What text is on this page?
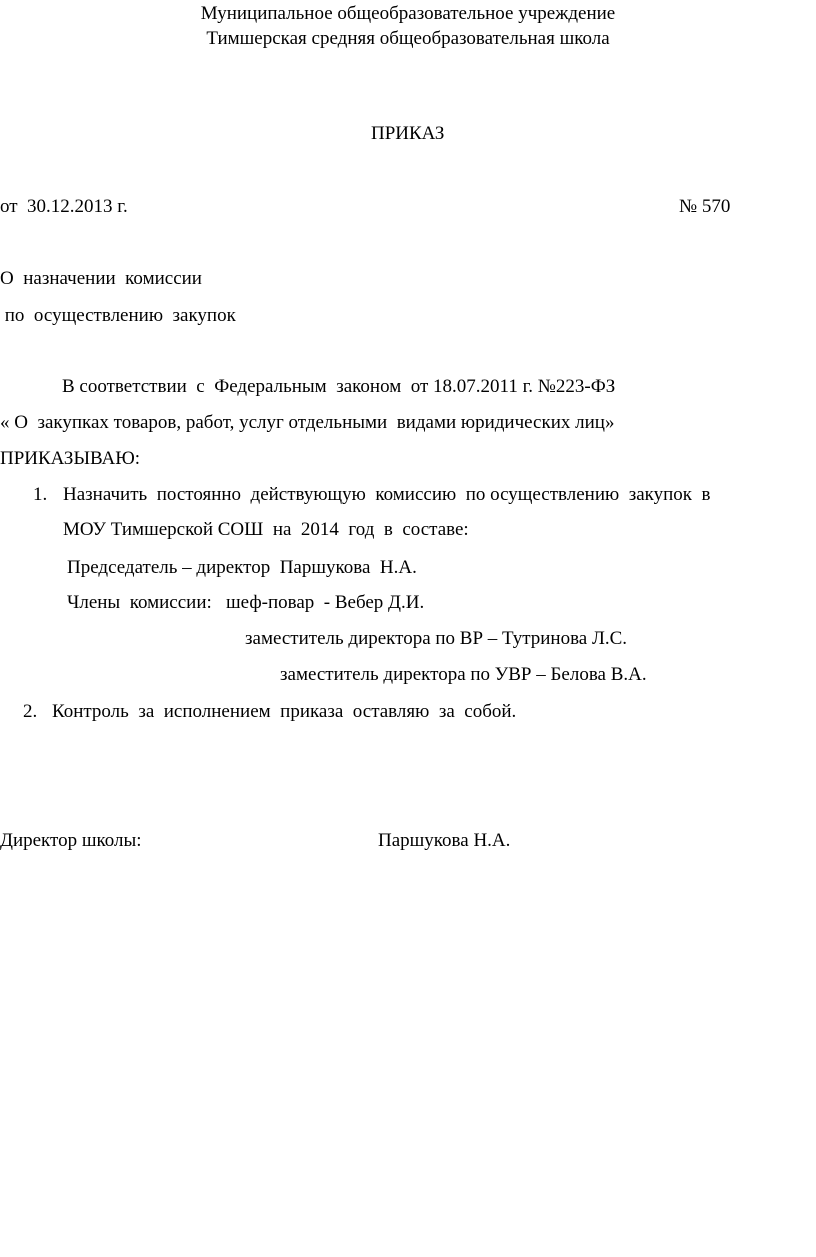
Муниципальное общеобразовательное учреждение
Тимшерская средняя общеобразовательная школа
ПРИКАЗ
от  30.12.2013 г.	№ 570
О  назначении  комиссии
по  осуществлению  закупок
В соответствии  с  Федеральным  законом  от 18.07.2011 г. №223-ФЗ
« О  закупках товаров, работ, услуг отдельными  видами юридических лиц»
ПРИКАЗЫВАЮ:
1. Назначить  постоянно  действующую  комиссию  по осуществлению  закупок  в
МОУ Тимшерской СОШ  на  2014  год  в  составе:
Председатель – директор  Паршукова  Н.А.
Члены  комиссии:   шеф-повар  - Вебер Д.И.
заместитель директора по ВР – Тутринова Л.С.
заместитель директора по УВР – Белова В.А.
2. Контроль  за  исполнением  приказа  оставляю  за  собой.
Директор школы:	Паршукова Н.А.
